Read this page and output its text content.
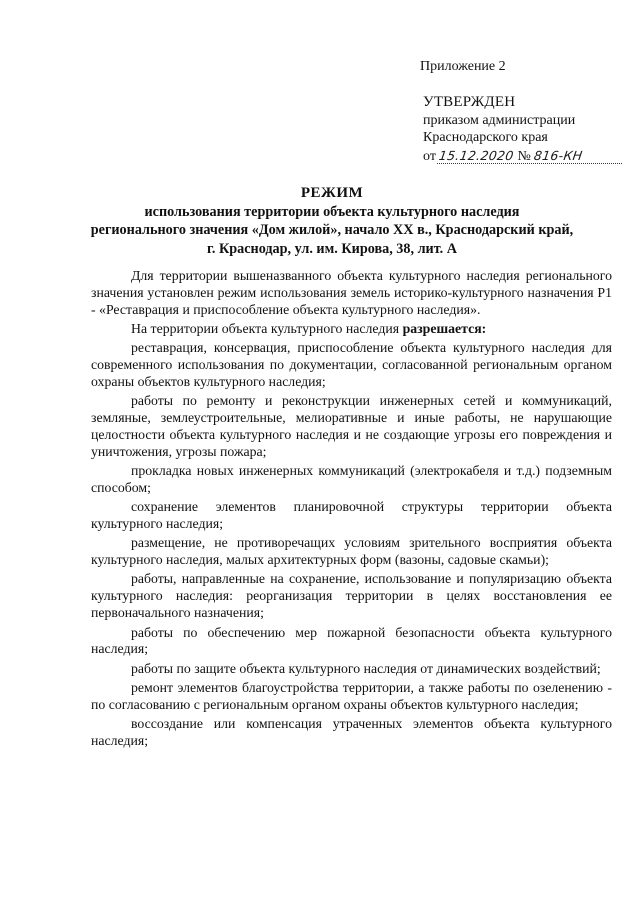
Приложение 2
УТВЕРЖДЕН
приказом администрации
Краснодарского края
от 15.12.2020 № 816-КН
РЕЖИМ
использования территории объекта культурного наследия
регионального значения «Дом жилой», начало XX в., Краснодарский край,
г. Краснодар, ул. им. Кирова, 38, лит. А

Для территории вышеназванного объекта культурного наследия регионального значения установлен режим использования земель историко-культурного назначения Р1 - «Реставрация и приспособление объекта культурного наследия».

На территории объекта культурного наследия разрешается:

реставрация, консервация, приспособление объекта культурного наследия для современного использования по документации, согласованной региональным органом охраны объектов культурного наследия;

работы по ремонту и реконструкции инженерных сетей и коммуникаций, земляные, землеустроительные, мелиоративные и иные работы, не нарушающие целостности объекта культурного наследия и не создающие угрозы его повреждения и уничтожения, угрозы пожара;

прокладка новых инженерных коммуникаций (электрокабеля и т.д.) подземным способом;

сохранение элементов планировочной структуры территории объекта культурного наследия;

размещение, не противоречащих условиям зрительного восприятия объекта культурного наследия, малых архитектурных форм (вазоны, садовые скамьи);

работы, направленные на сохранение, использование и популяризацию объекта культурного наследия: реорганизация территории в целях восстановления ее первоначального назначения;

работы по обеспечению мер пожарной безопасности объекта культурного наследия;

работы по защите объекта культурного наследия от динамических воздействий;

ремонт элементов благоустройства территории, а также работы по озеленению - по согласованию с региональным органом охраны объектов культурного наследия;

воссоздание или компенсация утраченных элементов объекта культурного наследия;
